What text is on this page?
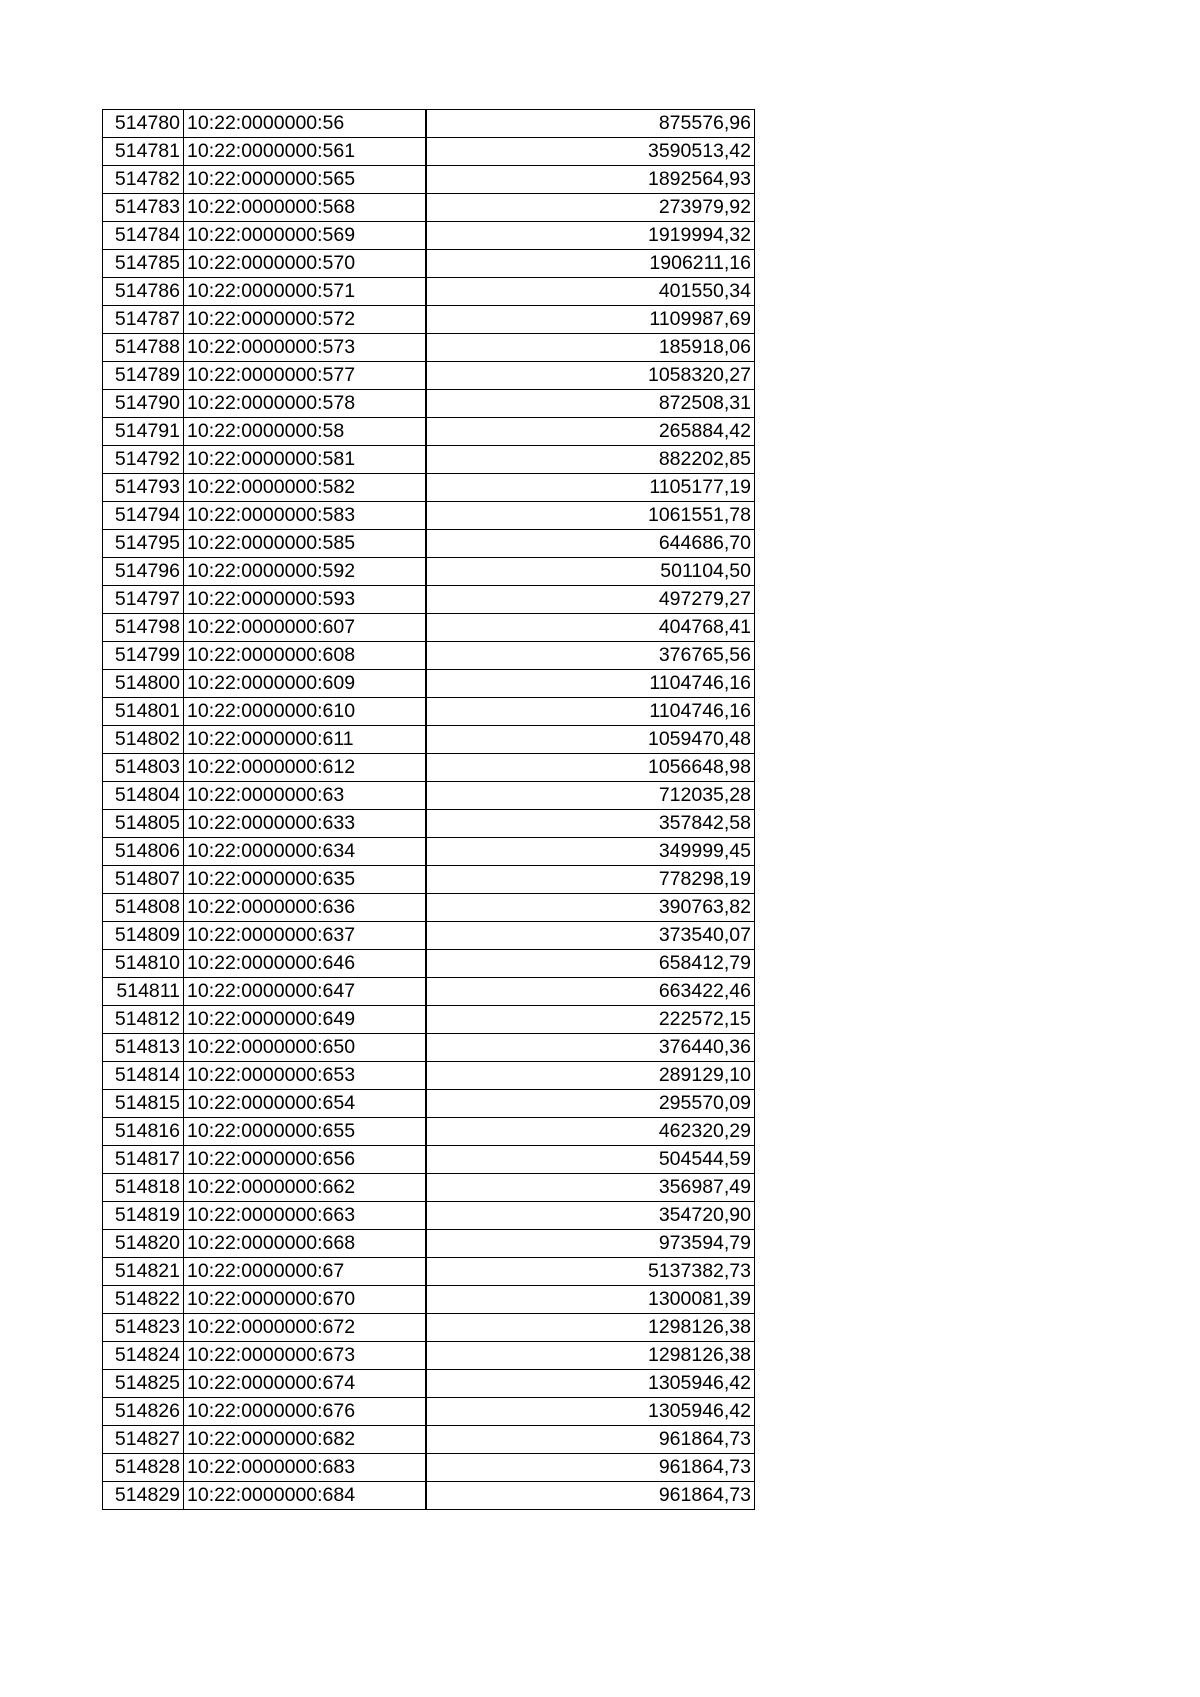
514780	10:22:0000000:56	875576,96
514781	10:22:0000000:561	3590513,42
514782	10:22:0000000:565	1892564,93
514783	10:22:0000000:568	273979,92
514784	10:22:0000000:569	1919994,32
514785	10:22:0000000:570	1906211,16
514786	10:22:0000000:571	401550,34
514787	10:22:0000000:572	1109987,69
514788	10:22:0000000:573	185918,06
514789	10:22:0000000:577	1058320,27
514790	10:22:0000000:578	872508,31
514791	10:22:0000000:58	265884,42
514792	10:22:0000000:581	882202,85
514793	10:22:0000000:582	1105177,19
514794	10:22:0000000:583	1061551,78
514795	10:22:0000000:585	644686,70
514796	10:22:0000000:592	501104,50
514797	10:22:0000000:593	497279,27
514798	10:22:0000000:607	404768,41
514799	10:22:0000000:608	376765,56
514800	10:22:0000000:609	1104746,16
514801	10:22:0000000:610	1104746,16
514802	10:22:0000000:611	1059470,48
514803	10:22:0000000:612	1056648,98
514804	10:22:0000000:63	712035,28
514805	10:22:0000000:633	357842,58
514806	10:22:0000000:634	349999,45
514807	10:22:0000000:635	778298,19
514808	10:22:0000000:636	390763,82
514809	10:22:0000000:637	373540,07
514810	10:22:0000000:646	658412,79
514811	10:22:0000000:647	663422,46
514812	10:22:0000000:649	222572,15
514813	10:22:0000000:650	376440,36
514814	10:22:0000000:653	289129,10
514815	10:22:0000000:654	295570,09
514816	10:22:0000000:655	462320,29
514817	10:22:0000000:656	504544,59
514818	10:22:0000000:662	356987,49
514819	10:22:0000000:663	354720,90
514820	10:22:0000000:668	973594,79
514821	10:22:0000000:67	5137382,73
514822	10:22:0000000:670	1300081,39
514823	10:22:0000000:672	1298126,38
514824	10:22:0000000:673	1298126,38
514825	10:22:0000000:674	1305946,42
514826	10:22:0000000:676	1305946,42
514827	10:22:0000000:682	961864,73
514828	10:22:0000000:683	961864,73
514829	10:22:0000000:684	961864,73
